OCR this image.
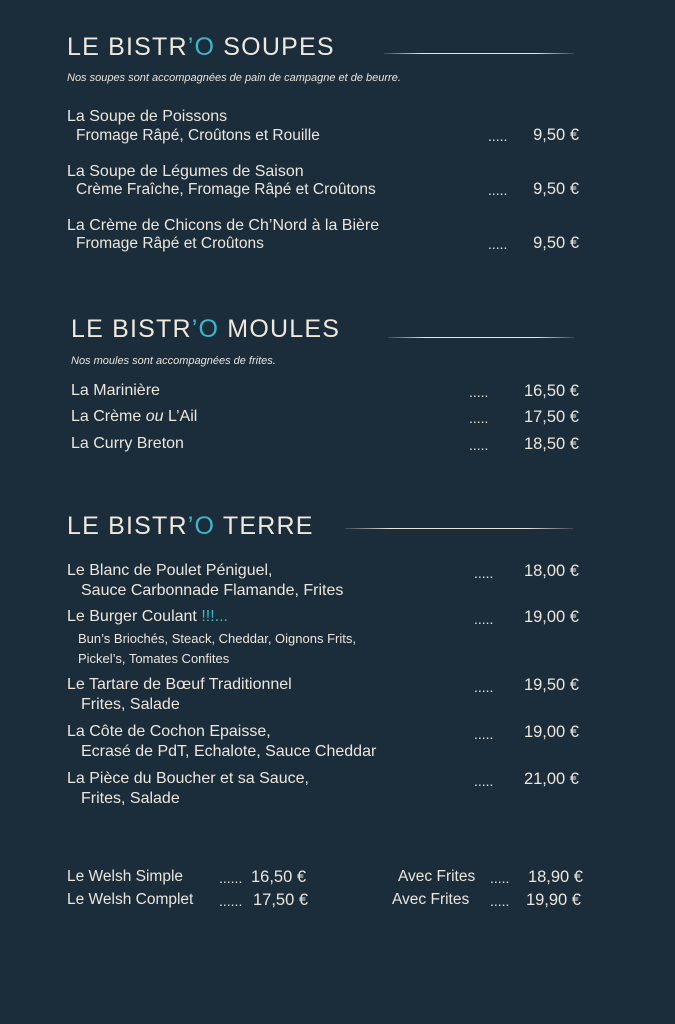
LE BISTR’O SOUPES
Nos soupes sont accompagnées de pain de campagne et de beurre.
La Soupe de Poissons
Fromage Râpé, Croûtons et Rouille	..... 9,50 €
La Soupe de Légumes de Saison
Crème Fraîche, Fromage Râpé et Croûtons	..... 9,50 €
La Crème de Chicons de Ch’Nord à la Bière
Fromage Râpé et Croûtons	..... 9,50 €
LE BISTR’O MOULES
Nos moules sont accompagnées de frites.
La Marinière	..... 16,50 €
La Crème ou L’Ail	..... 17,50 €
La Curry Breton	..... 18,50 €
LE BISTR’O TERRE
Le Blanc de Poulet Péniguel,
Sauce Carbonnade Flamande, Frites
..... 18,00 €
Le Burger Coulant !!!...
Bun’s Briochés, Steack, Cheddar, Oignons Frits,
Pickel’s, Tomates Confites
..... 19,00 €
Le Tartare de Bœuf Traditionnel
Frites, Salade
..... 19,50 €
La Côte de Cochon Epaisse,
Ecrasé de PdT, Echalote, Sauce Cheddar
..... 19,00 €
La Pièce du Boucher et sa Sauce,
Frites, Salade
..... 21,00 €
Le Welsh Simple	...... 16,50 €	Avec Frites ..... 18,90 €
Le Welsh Complet ...... 17,50 €	Avec Frites ..... 19,90 €
